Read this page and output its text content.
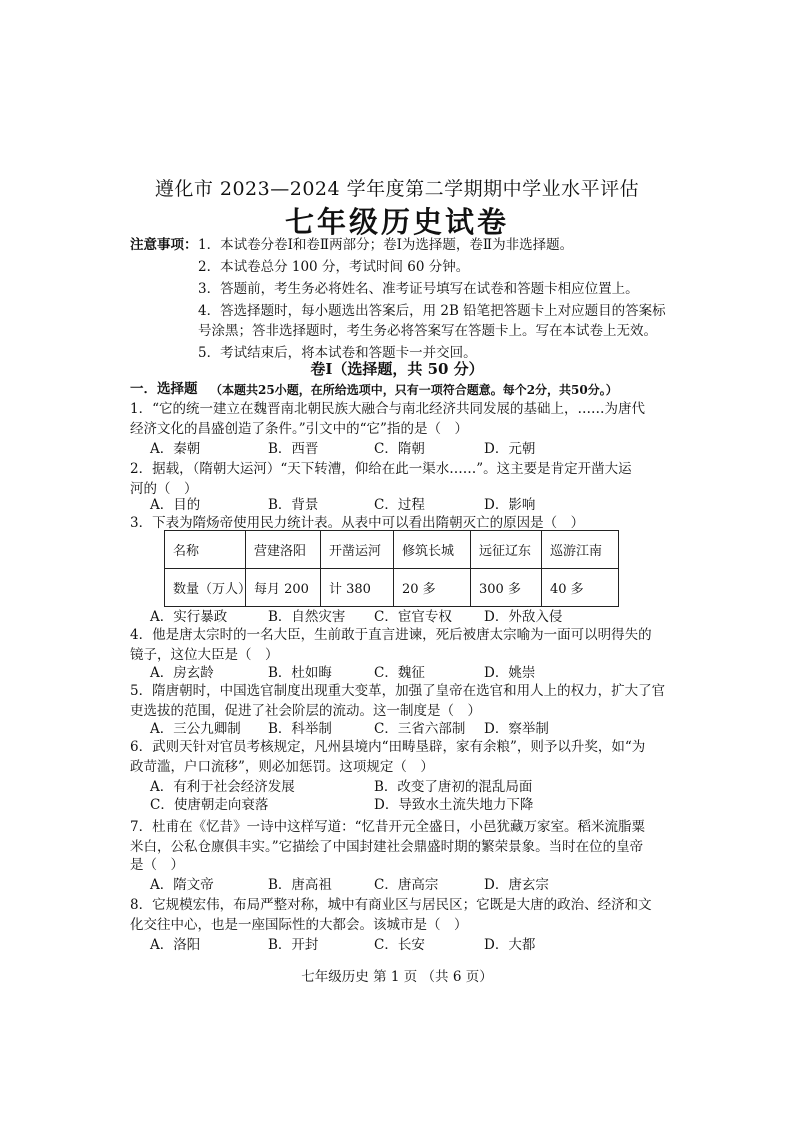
遵化市 2023—2024 学年度第二学期期中学业水平评估
七年级历史试卷
注意事项： 1．本试卷分卷Ⅰ和卷Ⅱ两部分；卷Ⅰ为选择题，卷Ⅱ为非选择题。
2．本试卷总分 100 分，考试时间 60 分钟。
3．答题前，考生务必将姓名、准考证号填写在试卷和答题卡相应位置上。
4．答选择题时，每小题选出答案后，用 2B 铅笔把答题卡上对应题目的答案标
号涂黑；答非选择题时，考生务必将答案写在答题卡上。写在本试卷上无效。
5．考试结束后，将本试卷和答题卡一并交回。
卷Ⅰ（选择题，共 50 分）
一．选择题 （本题共25小题，在所给选项中，只有一项符合题意。每个2分，共50分。）
1．“它的统一建立在魏晋南北朝民族大融合与南北经济共同发展的基础上，……为唐代
经济文化的昌盛创造了条件。”引文中的“它”指的是（　）
A．秦朝	B．西晋	C．隋朝	D．元朝
2．据载，（隋朝大运河）“天下转漕，仰给在此一渠水……”。这主要是肯定开凿大运
河的（　）
A．目的	B．背景	C．过程	D．影响
3．下表为隋炀帝使用民力统计表。从表中可以看出隋朝灭亡的原因是（　）
名称	营建洛阳	开凿运河	修筑长城	远征辽东	巡游江南
数量（万人）	每月 200	计 380	20 多	300 多	40 多
A．实行暴政	B．自然灾害 C．宦官专权 D．外敌入侵
4．他是唐太宗时的一名大臣，生前敢于直言进谏，死后被唐太宗喻为一面可以明得失的
镜子，这位大臣是（　）
A．房玄龄	B．杜如晦	C．魏征	D．姚崇
5．隋唐朝时，中国选官制度出现重大变革，加强了皇帝在选官和用人上的权力，扩大了官
吏选拔的范围，促进了社会阶层的流动。这一制度是（　）
A．三公九卿制 B．科举制	C．三省六部制 D．察举制
6．武则天针对官员考核规定，凡州县境内“田畴垦辟，家有余粮”，则予以升奖，如“为
政苛滥，户口流移”，则必加惩罚。这项规定（　）
A．有利于社会经济发展	B．改变了唐初的混乱局面
C．使唐朝走向衰落	D．导致水土流失地力下降
7．杜甫在《忆昔》一诗中这样写道：“忆昔开元全盛日，小邑犹藏万家室。稻米流脂粟
米白，公私仓廪俱丰实。”它描绘了中国封建社会鼎盛时期的繁荣景象。当时在位的皇帝
是（　）
A．隋文帝	B．唐高祖	C．唐高宗	D．唐玄宗
8．它规模宏伟，布局严整对称，城中有商业区与居民区；它既是大唐的政治、经济和文
化交往中心，也是一座国际性的大都会。该城市是（　）
A．洛阳	B．开封	C．长安	D．大都
七年级历史 第 1 页 （共 6 页）
